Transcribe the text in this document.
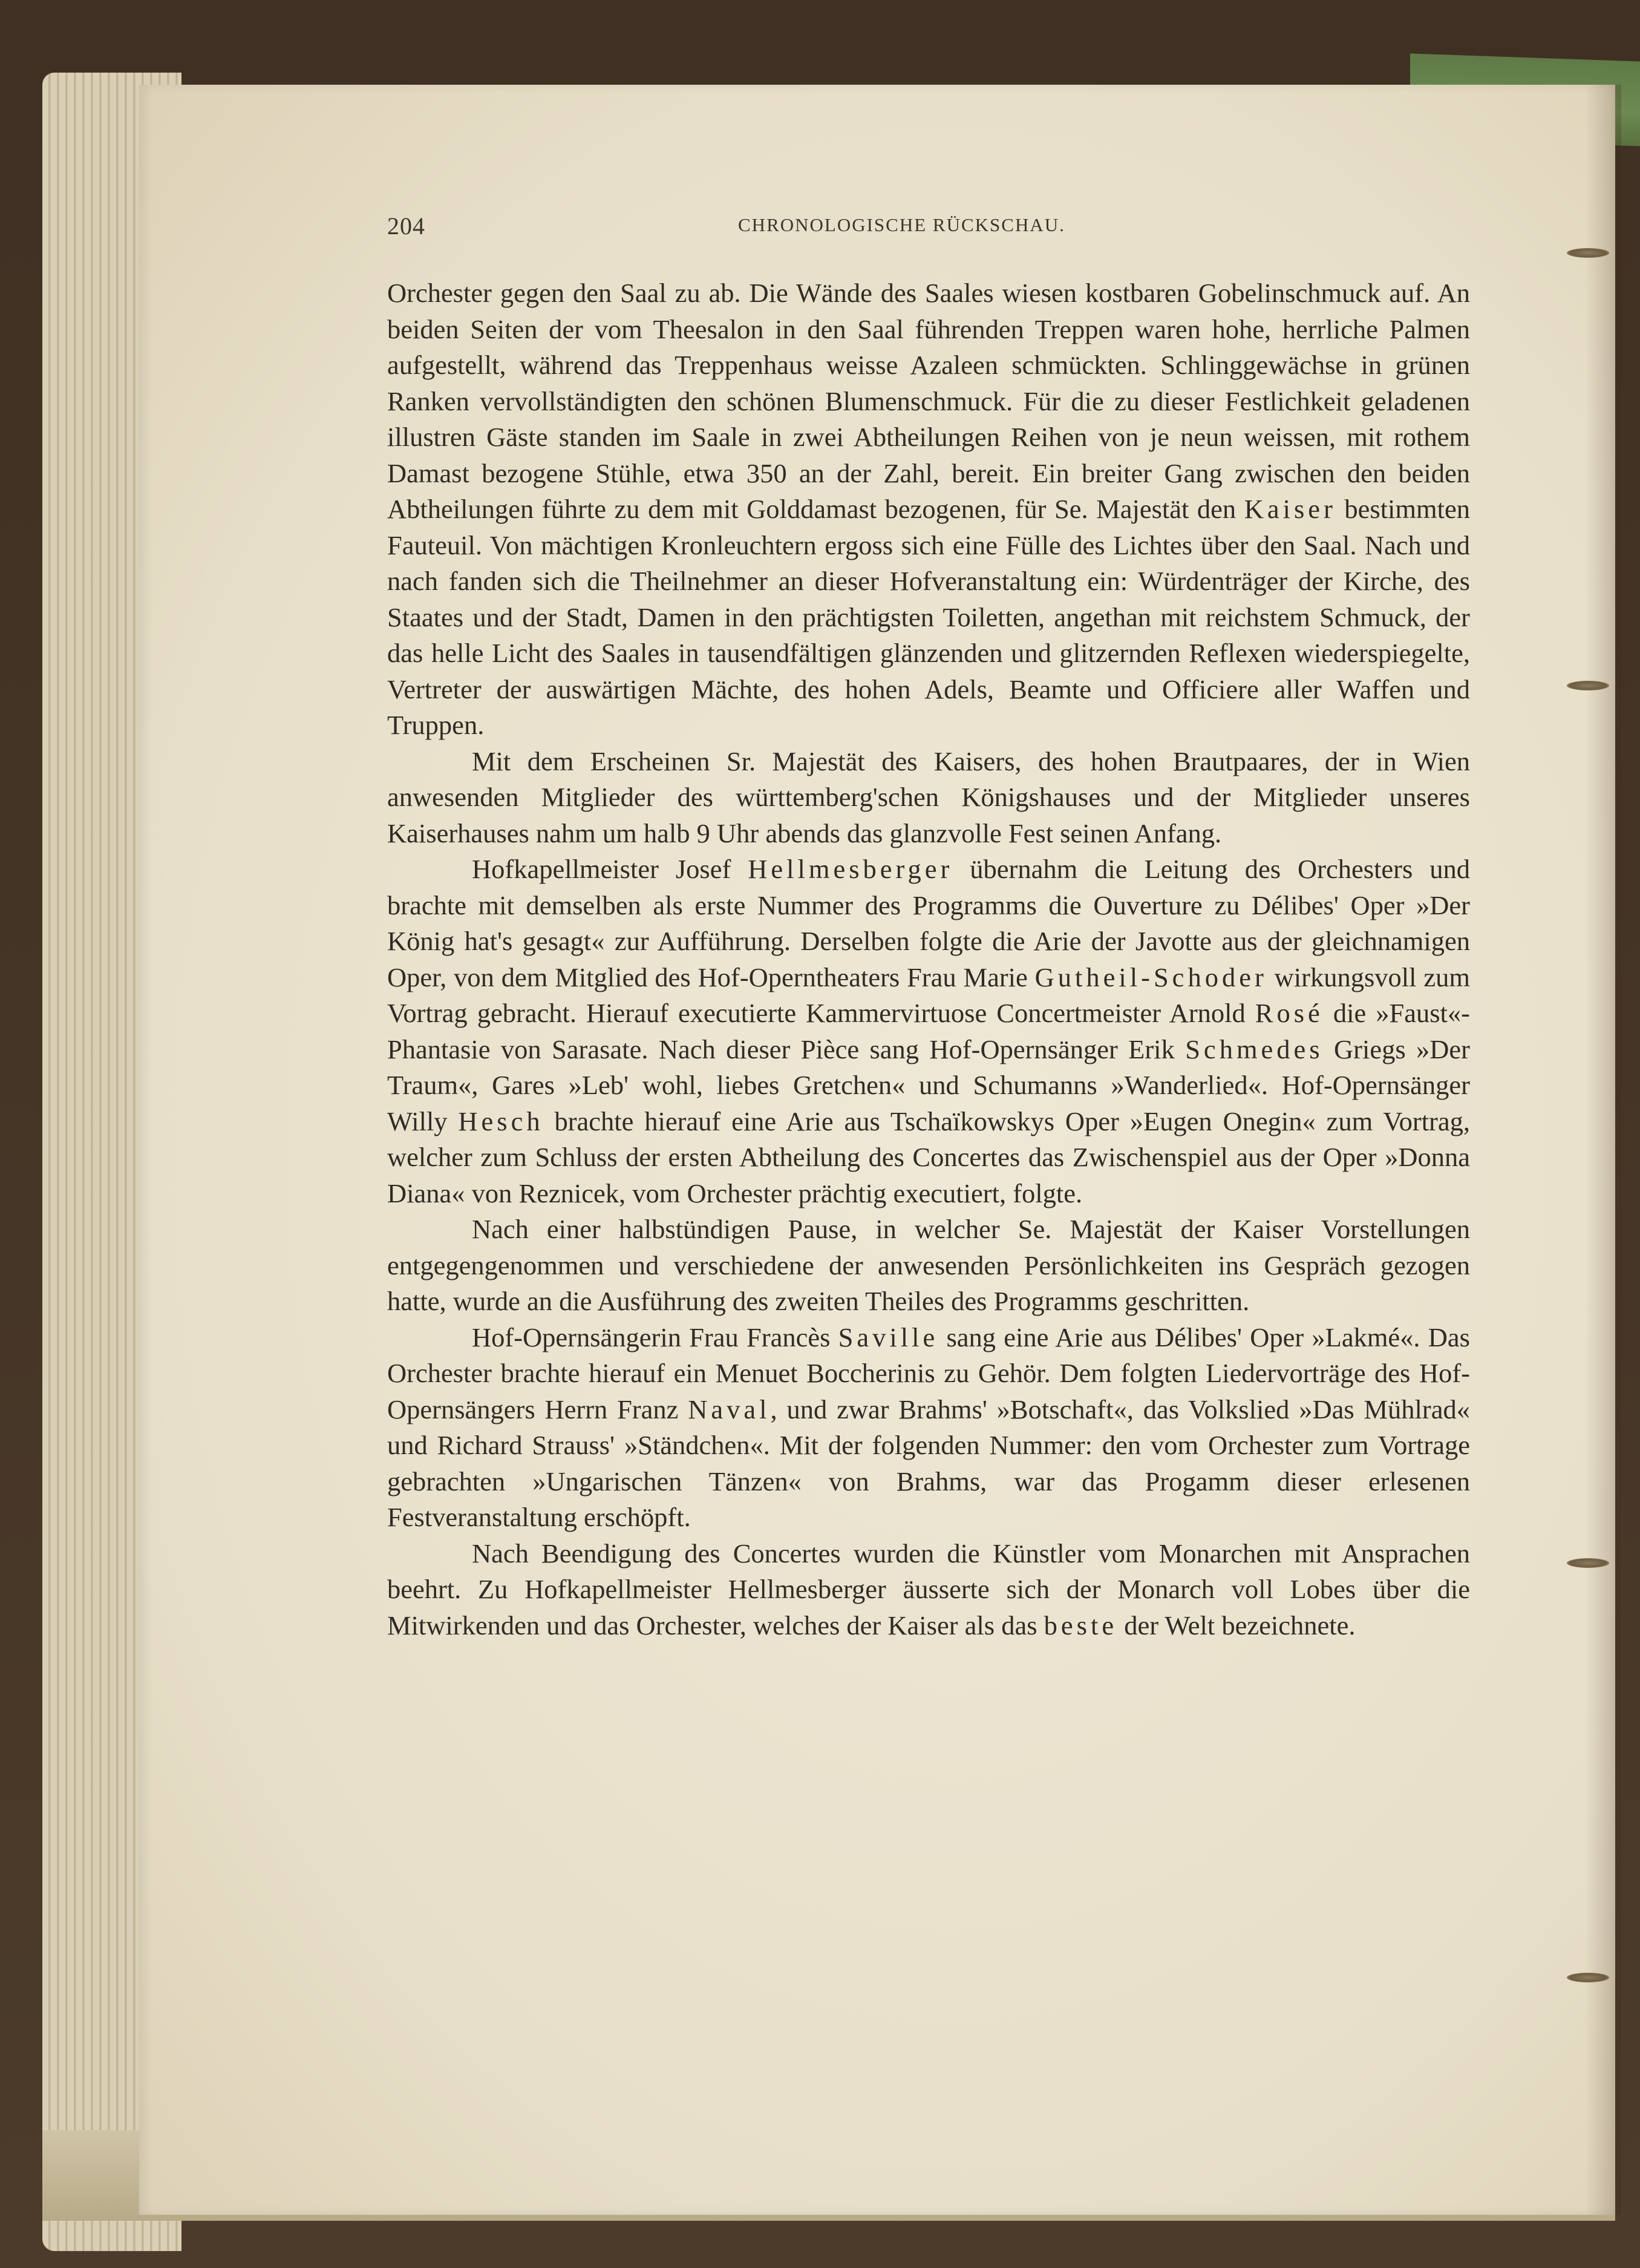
204	CHRONOLOGISCHE RÜCKSCHAU.

Orchester gegen den Saal zu ab. Die Wände des Saales wiesen kostbaren Gobelinschmuck auf. An beiden Seiten der vom Theesalon in den Saal führenden Treppen waren hohe, herrliche Palmen aufgestellt, während das Treppenhaus weisse Azaleen schmückten. Schlinggewächse in grünen Ranken vervollständigten den schönen Blumenschmuck. Für die zu dieser Festlichkeit geladenen illustren Gäste standen im Saale in zwei Abtheilungen Reihen von je neun weissen, mit rothem Damast bezogene Stühle, etwa 350 an der Zahl, bereit. Ein breiter Gang zwischen den beiden Abtheilungen führte zu dem mit Golddamast bezogenen, für Se. Majestät den Kaiser bestimmten Fauteuil. Von mächtigen Kronleuchtern ergoss sich eine Fülle des Lichtes über den Saal. Nach und nach fanden sich die Theilnehmer an dieser Hofveranstaltung ein: Würdenträger der Kirche, des Staates und der Stadt, Damen in den prächtigsten Toiletten, angethan mit reichstem Schmuck, der das helle Licht des Saales in tausendfältigen glänzenden und glitzernden Reflexen wiederspiegelte, Vertreter der auswärtigen Mächte, des hohen Adels, Beamte und Officiere aller Waffen und Truppen.

Mit dem Erscheinen Sr. Majestät des Kaisers, des hohen Brautpaares, der in Wien anwesenden Mitglieder des württemberg'schen Königshauses und der Mitglieder unseres Kaiserhauses nahm um halb 9 Uhr abends das glanzvolle Fest seinen Anfang.

Hofkapellmeister Josef Hellmesberger übernahm die Leitung des Orchesters und brachte mit demselben als erste Nummer des Programms die Ouverture zu Délibes' Oper »Der König hat's gesagt« zur Aufführung. Derselben folgte die Arie der Javotte aus der gleichnamigen Oper, von dem Mitglied des Hof-Operntheaters Frau Marie Gutheil-Schoder wirkungsvoll zum Vortrag gebracht. Hierauf executierte Kammervirtuose Concertmeister Arnold Rosé die »Faust«-Phantasie von Sarasate. Nach dieser Pièce sang Hof-Opernsänger Erik Schmedes Griegs »Der Traum«, Gares »Leb' wohl, liebes Gretchen« und Schumanns »Wanderlied«. Hof-Opernsänger Willy Hesch brachte hierauf eine Arie aus Tschaïkowskys Oper »Eugen Onegin« zum Vortrag, welcher zum Schluss der ersten Abtheilung des Concertes das Zwischenspiel aus der Oper »Donna Diana« von Reznicek, vom Orchester prächtig executiert, folgte.

Nach einer halbstündigen Pause, in welcher Se. Majestät der Kaiser Vorstellungen entgegengenommen und verschiedene der anwesenden Persönlichkeiten ins Gespräch gezogen hatte, wurde an die Ausführung des zweiten Theiles des Programms geschritten.

Hof-Opernsängerin Frau Francès Saville sang eine Arie aus Délibes' Oper »Lakmé«. Das Orchester brachte hierauf ein Menuet Boccherinis zu Gehör. Dem folgten Liedervorträge des Hof-Opernsängers Herrn Franz Naval, und zwar Brahms' »Botschaft«, das Volkslied »Das Mühlrad« und Richard Strauss' »Ständchen«. Mit der folgenden Nummer: den vom Orchester zum Vortrage gebrachten »Ungarischen Tänzen« von Brahms, war das Progamm dieser erlesenen Festveranstaltung erschöpft.

Nach Beendigung des Concertes wurden die Künstler vom Monarchen mit Ansprachen beehrt. Zu Hofkapellmeister Hellmesberger äusserte sich der Monarch voll Lobes über die Mitwirkenden und das Orchester, welches der Kaiser als das beste der Welt bezeichnete.
